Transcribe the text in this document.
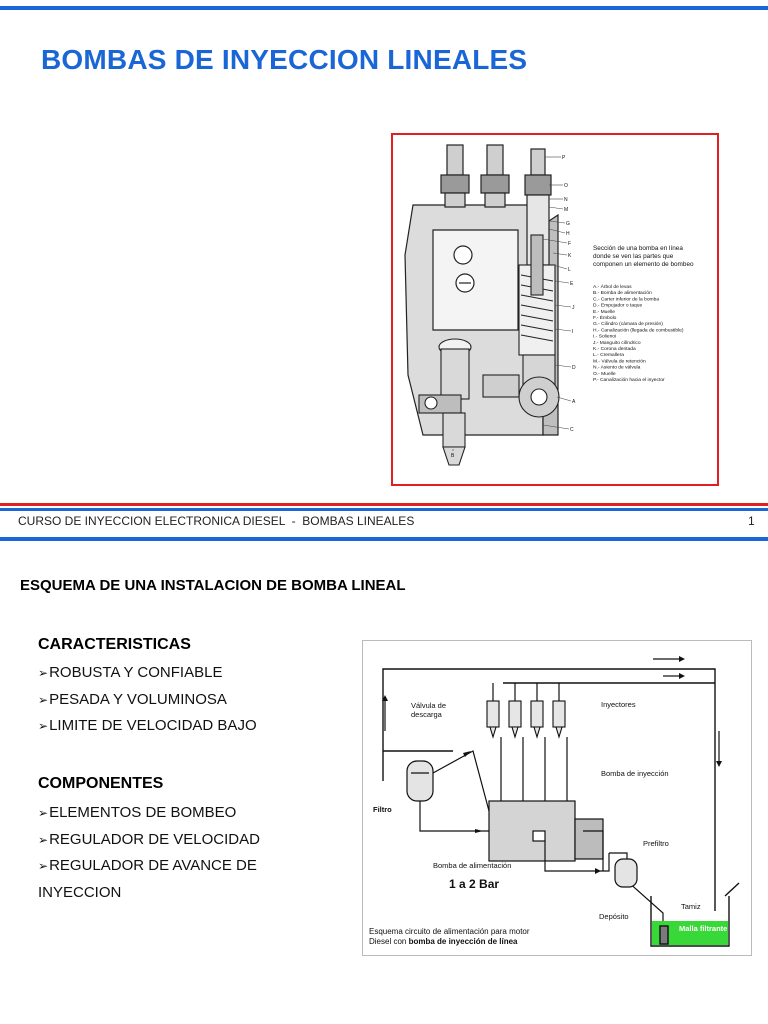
BOMBAS DE INYECCION LINEALES
P
O
N
M
G
H
F
K
L
E
J
I
D
A
C
B
Sección de una bomba en línea
donde se ven las partes que
componen un elemento de bombeo
A.- Árbol de levas
B.- Bomba de alimentación
C.- Carter inferior de la bomba
D.- Empujador o taque
E.- Muelle
F.- Émbolo
G.- Cilindro (cámara de presión)
H.- Canalización (llegada de combustible)
I.- Solienoi
J.- Manguito cilíndrico
K.- Corona dentada
L.- Cremallera
M.- Válvula de retención
N.- Asiento de válvula
O.- Muelle
P.- Canalización hacia el inyector
CURSO DE INYECCION ELECTRONICA DIESEL  -  BOMBAS LINEALES	1
ESQUEMA DE UNA INSTALACION DE BOMBA LINEAL
CARACTERISTICAS
➢ROBUSTA Y CONFIABLE
➢PESADA Y VOLUMINOSA
➢LIMITE DE VELOCIDAD BAJO
COMPONENTES
➢ELEMENTOS DE BOMBEO
➢REGULADOR DE VELOCIDAD
➢REGULADOR DE AVANCE DE
INYECCION
Válvula de
descarga
Inyectores
Bomba de inyección
Filtro
Prefiltro
Bomba de alimentación
Tamiz
Depósito
Malla filtrante
Esquema circuito de alimentación para motor
Diesel con bomba de inyección de línea
1 a 2 Bar
